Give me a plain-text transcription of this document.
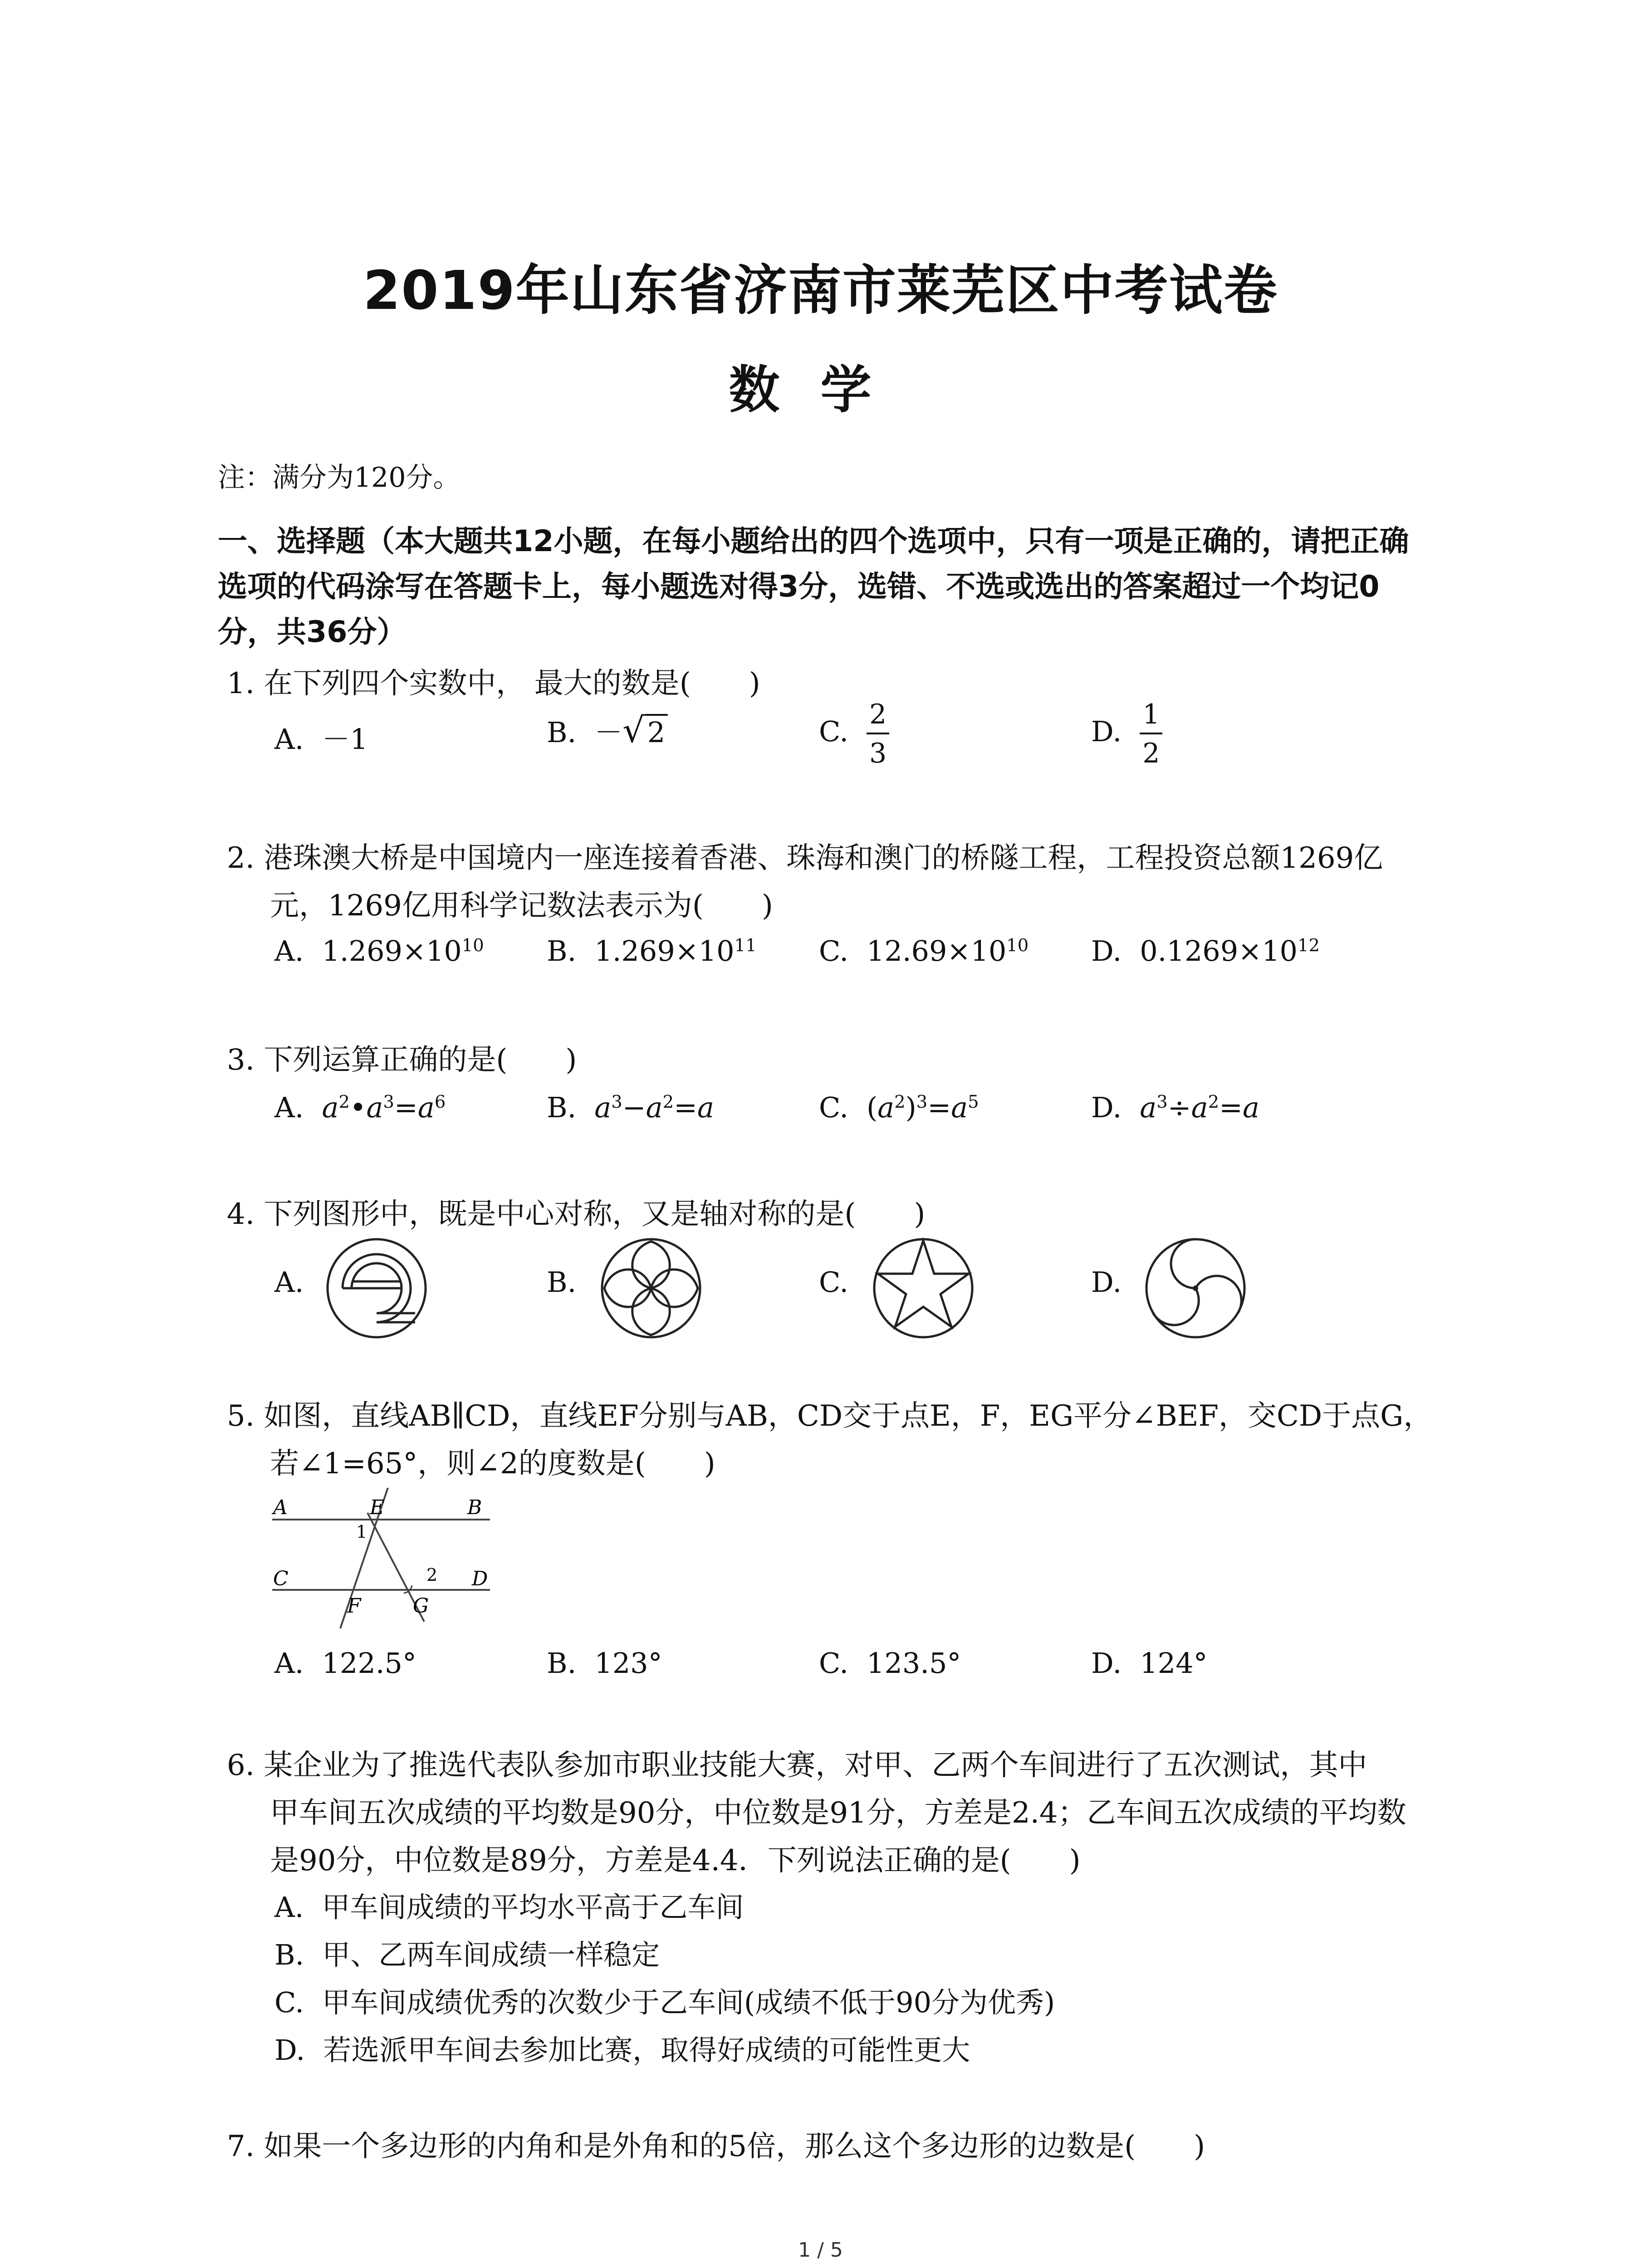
2019年山东省济南市莱芜区中考试卷
数学
注：满分为120分。
一、选择题（本大题共12小题，在每小题给出的四个选项中，只有一项是正确的，请把正确
选项的代码涂写在答题卡上，每小题选对得3分，选错、不选或选出的答案超过一个均记0
分，共36分）
1. 在下列四个实数中， 最大的数是(　　)
A. －1	B. －√2	C. $\frac{2}{3}$	D. $\frac{1}{2}$
2. 港珠澳大桥是中国境内一座连接着香港、珠海和澳门的桥隧工程，工程投资总额1269亿
元，1269亿用科学记数法表示为(　　)
A. $1.269\times 10^{10}$ B. $1.269\times 10^{11}$ C. $12.69\times 10^{10}$ D. $0.1269\times 10^{12}$
3. 下列运算正确的是(　　)
A. $a^2•a^3=a^6$	B. $a^3-a^2=a$	C. $(a^2)^3=a^5$	D. $a^3\div a^2=a$
4. 下列图形中，既是中心对称，又是轴对称的是(　　)
A.	B.	C.	D.
5. 如图，直线AB∥CD，直线EF分别与AB，CD交于点E，F，EG平分∠BEF，交CD于点G，
若∠1=65°，则∠2的度数是(　　)
A	B
C	D
E
F	G
1
2
A. 122.5°	B. 123°	C. 123.5°	D. 124°
6. 某企业为了推选代表队参加市职业技能大赛，对甲、乙两个车间进行了五次测试，其中
甲车间五次成绩的平均数是90分，中位数是91分，方差是2.4；乙车间五次成绩的平均数
是90分，中位数是89分，方差是4.4．下列说法正确的是(　　)
A. 甲车间成绩的平均水平高于乙车间
B. 甲、乙两车间成绩一样稳定
C. 甲车间成绩优秀的次数少于乙车间(成绩不低于90分为优秀)
D. 若选派甲车间去参加比赛，取得好成绩的可能性更大
7. 如果一个多边形的内角和是外角和的5倍，那么这个多边形的边数是(　　)
1 / 5
